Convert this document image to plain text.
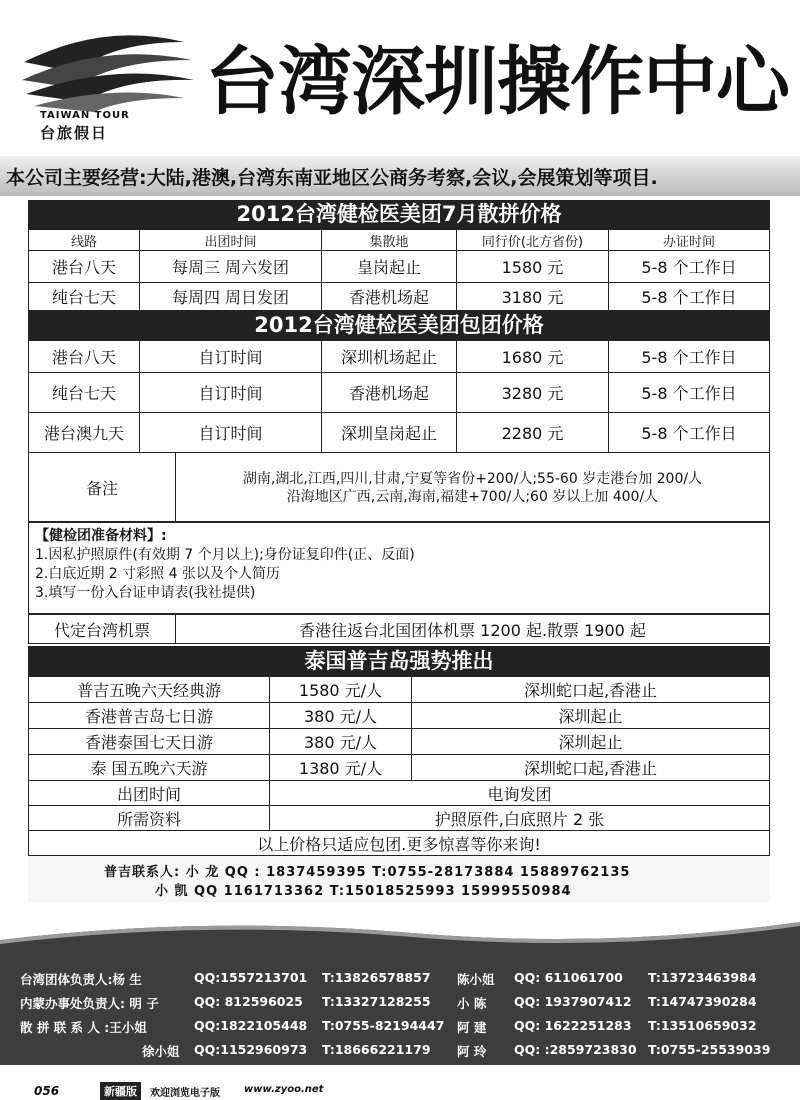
TAIWAN TOUR
台旅假日
台湾深圳操作中心
本公司主要经营:大陆,港澳,台湾东南亚地区公商务考察,会议,会展策划等项目.
2012台湾健检医美团7月散拼价格
线路	出团时间	集散地	同行价(北方省份)	办证时间
港台八天	每周三 周六发团	皇岗起止	1580 元	5-8 个工作日
纯台七天	每周四 周日发团	香港机场起	3180 元	5-8 个工作日
2012台湾健检医美团包团价格
港台八天	自订时间	深圳机场起止	1680 元	5-8 个工作日
纯台七天	自订时间	香港机场起	3280 元	5-8 个工作日
港台澳九天	自订时间	深圳皇岗起止	2280 元	5-8 个工作日
备注	湖南,湖北,江西,四川,甘肃,宁夏等省份+200/人;55-60 岁走港台加 200/人
沿海地区广西,云南,海南,福建+700/人;60 岁以上加 400/人
【健检团准备材料】:
1.因私护照原件(有效期 7 个月以上);身份证复印件(正、反面)
2.白底近期 2 寸彩照 4 张以及个人简历
3.填写一份入台证申请表(我社提供)
代定台湾机票	香港往返台北国团体机票 1200 起.散票 1900 起
泰国普吉岛强势推出
普吉五晚六天经典游	1580 元/人	深圳蛇口起,香港止
香港普吉岛七日游	380 元/人	深圳起止
香港泰国七天日游	380 元/人	深圳起止
泰 国五晚六天游	1380 元/人	深圳蛇口起,香港止
出团时间	电询发团
所需资料	护照原件,白底照片 2 张
以上价格只适应包团.更多惊喜等你来询!
普吉联系人: 小 龙 QQ : 1837459395 T:0755-28173884 15889762135
小 凯 QQ 1161713362 T:15018525993 15999550984
台湾团体负责人:杨 生	QQ:1557213701 T:13826578857 陈小姐 QQ: 611061700 T:13723463984
内蒙办事处负责人: 明 子	QQ: 812596025 T:13327128255 小 陈 QQ: 1937907412 T:14747390284
散 拼 联 系 人 :王小姐	QQ:1822105448 T:0755-82194447 阿 建 QQ: 1622251283 T:13510659032
徐小姐 QQ:1152960973 T:18666221179 阿 玲 QQ: :2859723830 T:0755-25539039
056	新疆版	欢迎浏览电子版 www.zyoo.net
